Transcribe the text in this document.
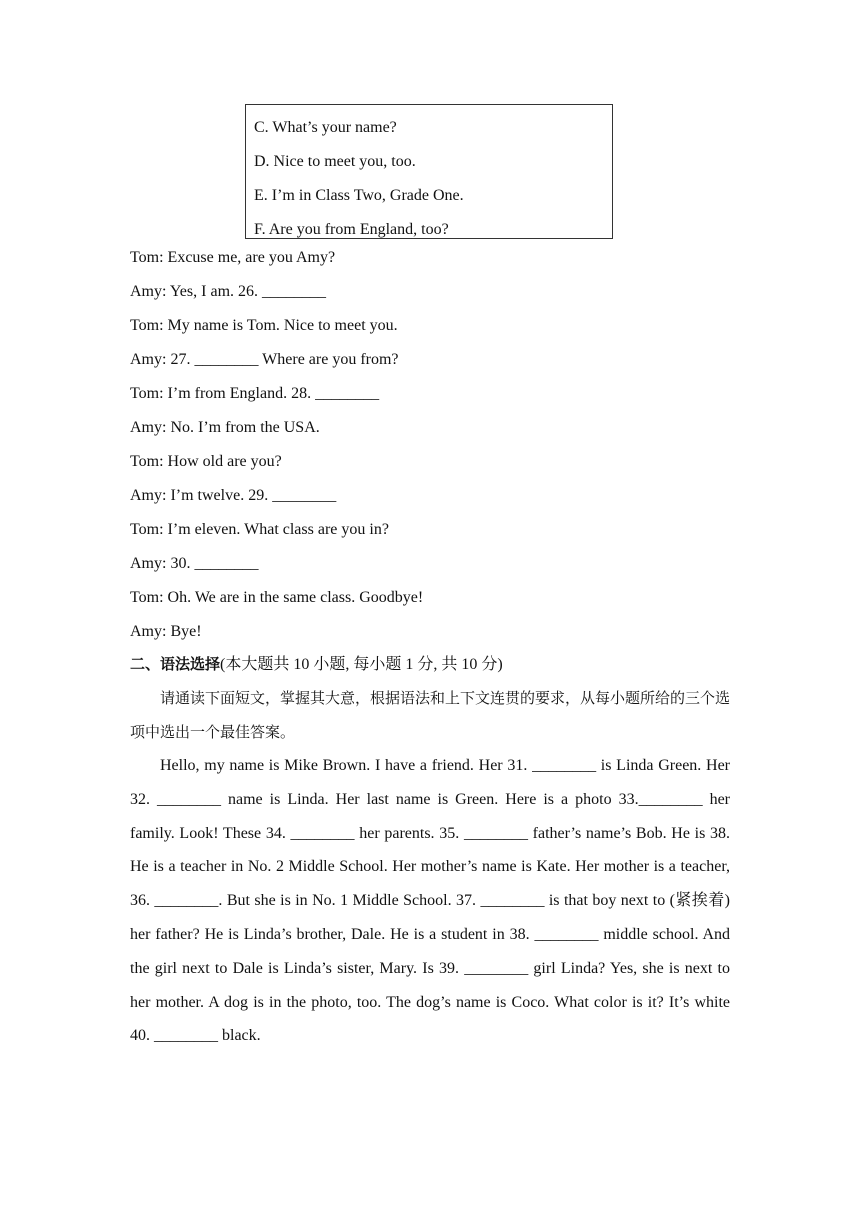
C. What’s your name?
D. Nice to meet you, too.
E. I’m in Class Two, Grade One.
F. Are you from England, too?
Tom: Excuse me, are you Amy?
Amy: Yes, I am. 26. ________
Tom: My name is Tom. Nice to meet you.
Amy: 27. ________ Where are you from?
Tom: I’m from England. 28. ________
Amy: No. I’m from the USA.
Tom: How old are you?
Amy: I’m twelve. 29. ________
Tom: I’m eleven. What class are you in?
Amy: 30. ________
Tom: Oh. We are in the same class. Goodbye!
Amy: Bye!
二、语法选择(本大题共 10 小题, 每小题 1 分, 共 10 分)
请通读下面短文，掌握其大意，根据语法和上下文连贯的要求，从每小题所给的三个选项中选出一个最佳答案。
Hello, my name is Mike Brown. I have a friend. Her 31. ________ is Linda Green. Her 32. ________ name is Linda. Her last name is Green. Here is a photo 33.________ her family. Look! These 34. ________ her parents. 35. ________ father’s name’s Bob. He is 38. He is a teacher in No. 2 Middle School. Her mother’s name is Kate. Her mother is a teacher, 36. ________. But she is in No. 1 Middle School. 37. ________ is that boy next to (紧挨着) her father? He is Linda’s brother, Dale. He is a student in 38. ________ middle school. And the girl next to Dale is Linda’s sister, Mary. Is 39. ________ girl Linda? Yes, she is next to her mother. A dog is in the photo, too. The dog’s name is Coco. What color is it? It’s white 40. ________ black.
